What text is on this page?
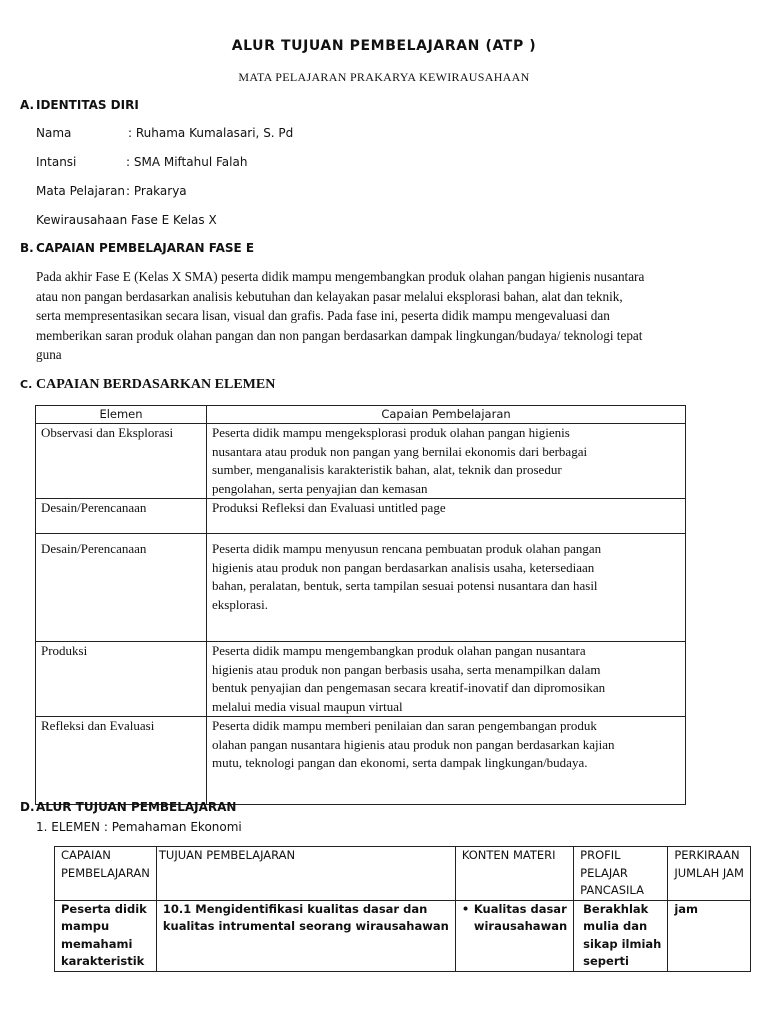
ALUR TUJUAN PEMBELAJARAN (ATP )
MATA PELAJARAN PRAKARYA KEWIRAUSAHAAN
A. IDENTITAS DIRI
Nama	: Ruhama Kumalasari, S. Pd
Intansi	: SMA Miftahul Falah
Mata Pelajaran: Prakarya
Kewirausahaan Fase E Kelas X
B. CAPAIAN PEMBELAJARAN FASE E
Pada akhir Fase E (Kelas X SMA) peserta didik mampu mengembangkan produk olahan pangan higienis nusantara
atau non pangan berdasarkan analisis kebutuhan dan kelayakan pasar melalui eksplorasi bahan, alat dan teknik,
serta mempresentasikan secara lisan, visual dan grafis. Pada fase ini, peserta didik mampu mengevaluasi dan
memberikan saran produk olahan pangan dan non pangan berdasarkan dampak lingkungan/budaya/ teknologi tepat
guna
C. CAPAIAN BERDASARKAN ELEMEN
Elemen	Capaian Pembelajaran
Observasi dan Eksplorasi	Peserta didik mampu mengeksplorasi produk olahan pangan higienis
nusantara atau produk non pangan yang bernilai ekonomis dari berbagai
sumber, menganalisis karakteristik bahan, alat, teknik dan prosedur
pengolahan, serta penyajian dan kemasan

Desain/Perencanaan	Produksi Refleksi dan Evaluasi untitled page

Desain/Perencanaan	Peserta didik mampu menyusun rencana pembuatan produk olahan pangan
higienis atau produk non pangan berdasarkan analisis usaha, ketersediaan
bahan, peralatan, bentuk, serta tampilan sesuai potensi nusantara dan hasil
eksplorasi.

Produksi	Peserta didik mampu mengembangkan produk olahan pangan nusantara
higienis atau produk non pangan berbasis usaha, serta menampilkan dalam
bentuk penyajian dan pengemasan secara kreatif-inovatif dan dipromosikan
melalui media visual maupun virtual

Refleksi dan Evaluasi	Peserta didik mampu memberi penilaian dan saran pengembangan produk
olahan pangan nusantara higienis atau produk non pangan berdasarkan kajian
mutu, teknologi pangan dan ekonomi, serta dampak lingkungan/budaya.
D.ALUR TUJUAN PEMBELAJARAN
1. ELEMEN : Pemahaman Ekonomi
CAPAIAN
PEMBELAJARAN	TUJUAN PEMBELAJARAN	KONTEN MATERI	PROFIL
PELAJAR
PANCASILA	PERKIRAAN
JUMLAH JAM

Peserta didik
mampu
memahami
karakteristik	10.1 Mengidentifikasi kualitas dasar dan
kualitas intrumental seorang wirausahawan	• Kualitas dasar
wirausahawan	Berakhlak
mulia dan
sikap ilmiah
seperti	jam
